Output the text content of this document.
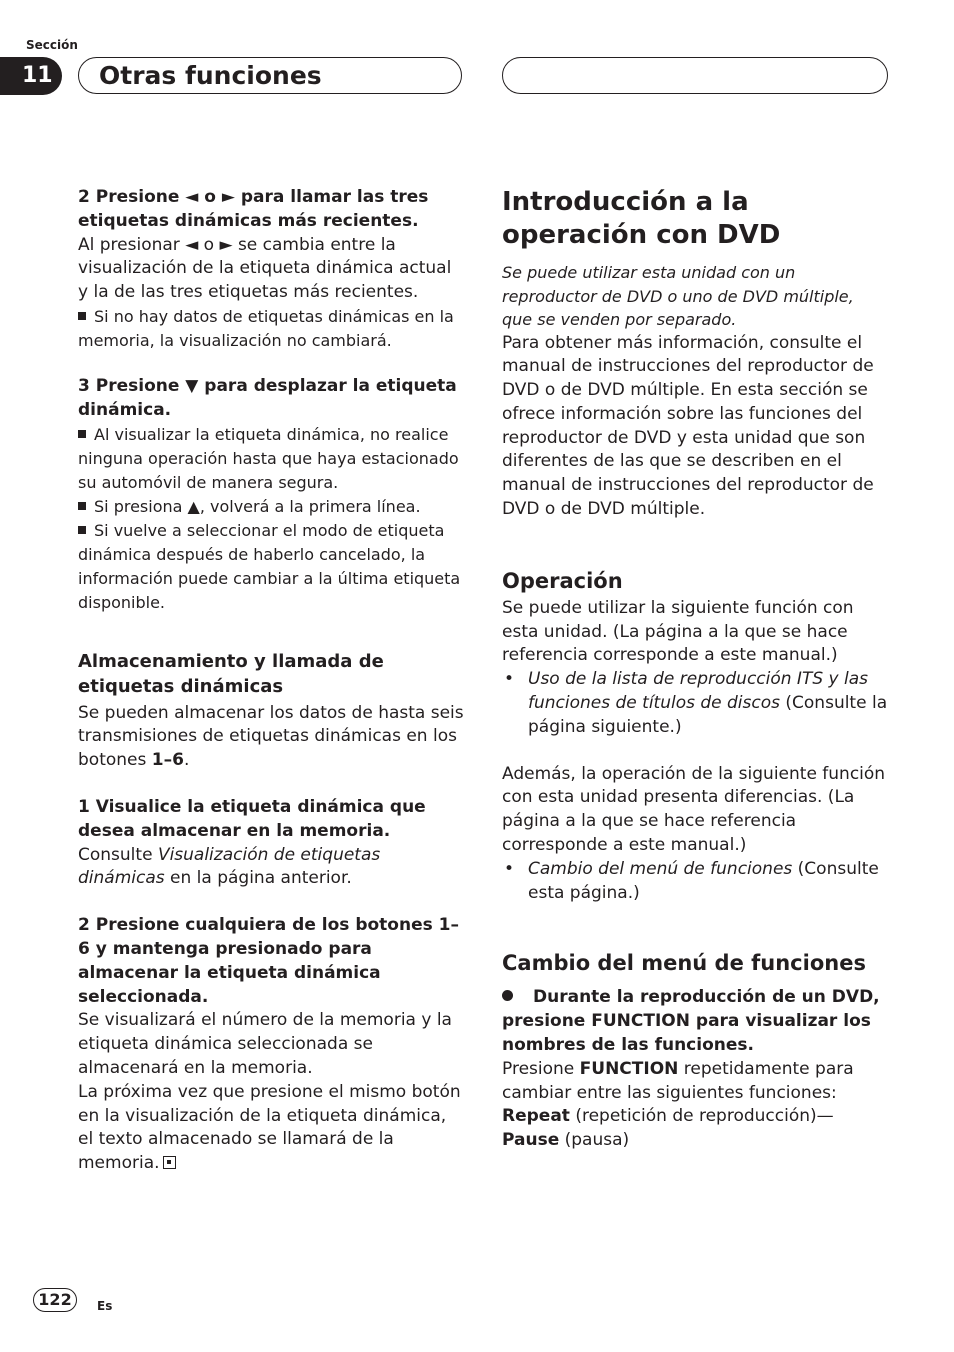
Sección
11	Otras funciones

2 Presione ◄ o ► para llamar las tres etiquetas dinámicas más recientes.

Al presionar ◄ o ► se cambia entre la visualización de la etiqueta dinámica actual y la de las tres etiquetas más recientes.

Si no hay datos de etiquetas dinámicas en la memoria, la visualización no cambiará.

3 Presione ▼ para desplazar la etiqueta dinámica.

Al visualizar la etiqueta dinámica, no realice ninguna operación hasta que haya estacionado su automóvil de manera segura.

Si presiona ▲, volverá a la primera línea.

Si vuelve a seleccionar el modo de etiqueta dinámica después de haberlo cancelado, la información puede cambiar a la última etiqueta disponible.

Almacenamiento y llamada de etiquetas dinámicas

Se pueden almacenar los datos de hasta seis transmisiones de etiquetas dinámicas en los botones 1–6.

1 Visualice la etiqueta dinámica que desea almacenar en la memoria.

Consulte Visualización de etiquetas dinámicas en la página anterior.

2 Presione cualquiera de los botones 1–6 y mantenga presionado para almacenar la etiqueta dinámica seleccionada.

Se visualizará el número de la memoria y la etiqueta dinámica seleccionada se almacenará en la memoria.

La próxima vez que presione el mismo botón en la visualización de la etiqueta dinámica, el texto almacenado se llamará de la memoria.

Introducción a la operación con DVD

Se puede utilizar esta unidad con un reproductor de DVD o uno de DVD múltiple, que se venden por separado.

Para obtener más información, consulte el manual de instrucciones del reproductor de DVD o de DVD múltiple. En esta sección se ofrece información sobre las funciones del reproductor de DVD y esta unidad que son diferentes de las que se describen en el manual de instrucciones del reproductor de DVD o de DVD múltiple.

Operación

Se puede utilizar la siguiente función con esta unidad. (La página a la que se hace referencia corresponde a este manual.)

• Uso de la lista de reproducción ITS y las funciones de títulos de discos (Consulte la página siguiente.)

Además, la operación de la siguiente función con esta unidad presenta diferencias. (La página a la que se hace referencia corresponde a este manual.)

• Cambio del menú de funciones (Consulte esta página.)

Cambio del menú de funciones

Durante la reproducción de un DVD, presione FUNCTION para visualizar los nombres de las funciones.

Presione FUNCTION repetidamente para cambiar entre las siguientes funciones:

Repeat (repetición de reproducción)—Pause (pausa)

122	Es
